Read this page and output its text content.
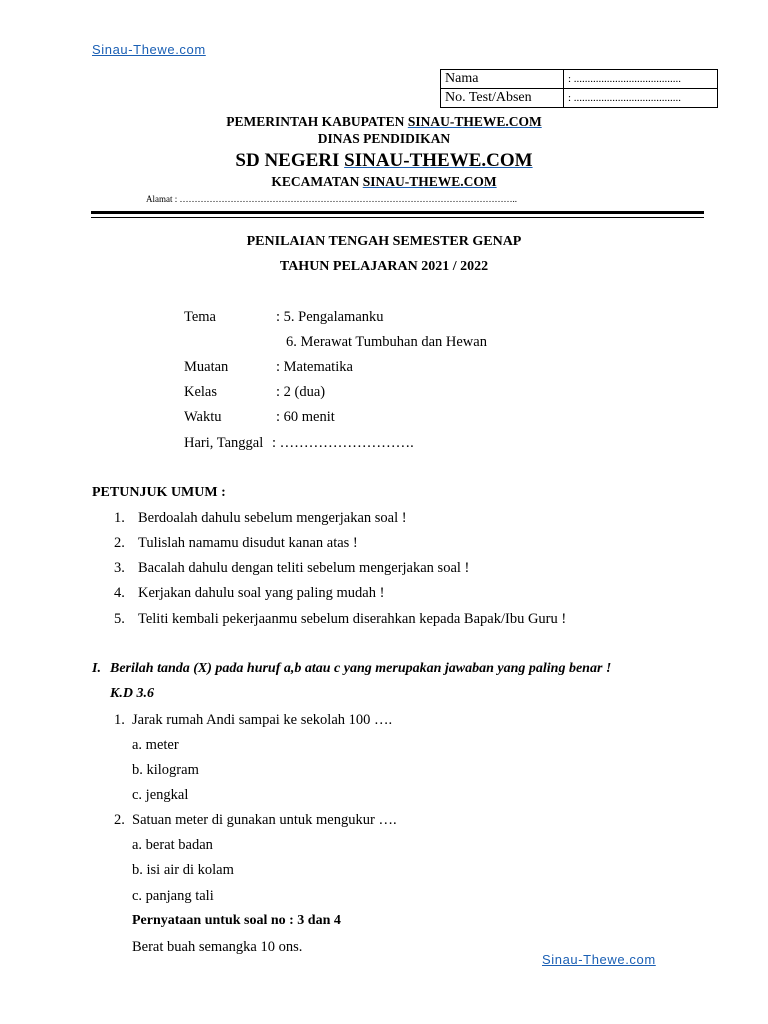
Sinau-Thewe.com
Nama	: .......................................
No. Test/Absen	: .......................................
PEMERINTAH KABUPATEN SINAU-THEWE.COM
DINAS PENDIDIKAN
SD NEGERI SINAU-THEWE.COM
KECAMATAN SINAU-THEWE.COM
Alamat : …………………………………………………………………………………………………..
PENILAIAN TENGAH SEMESTER GENAP
TAHUN PELAJARAN 2021 / 2022
Tema	: 5. Pengalamanku
6. Merawat Tumbuhan dan Hewan
Muatan	: Matematika
Kelas	: 2 (dua)
Waktu	: 60 menit
Hari, Tanggal : ……………………….
PETUNJUK UMUM :
1. Berdoalah dahulu sebelum mengerjakan soal !
2. Tulislah namamu disudut kanan atas !
3. Bacalah dahulu dengan teliti sebelum mengerjakan soal !
4. Kerjakan dahulu soal yang paling mudah !
5. Teliti kembali pekerjaanmu sebelum diserahkan kepada Bapak/Ibu Guru !
I. Berilah tanda (X) pada huruf a,b atau c yang merupakan jawaban yang paling benar !
K.D 3.6
1. Jarak rumah Andi sampai ke sekolah 100 ….
a. meter
b. kilogram
c. jengkal
2. Satuan meter di gunakan untuk mengukur ….
a. berat badan
b. isi air di kolam
c. panjang tali
Pernyataan untuk soal no : 3 dan 4
Berat buah semangka 10 ons.
Sinau-Thewe.com
